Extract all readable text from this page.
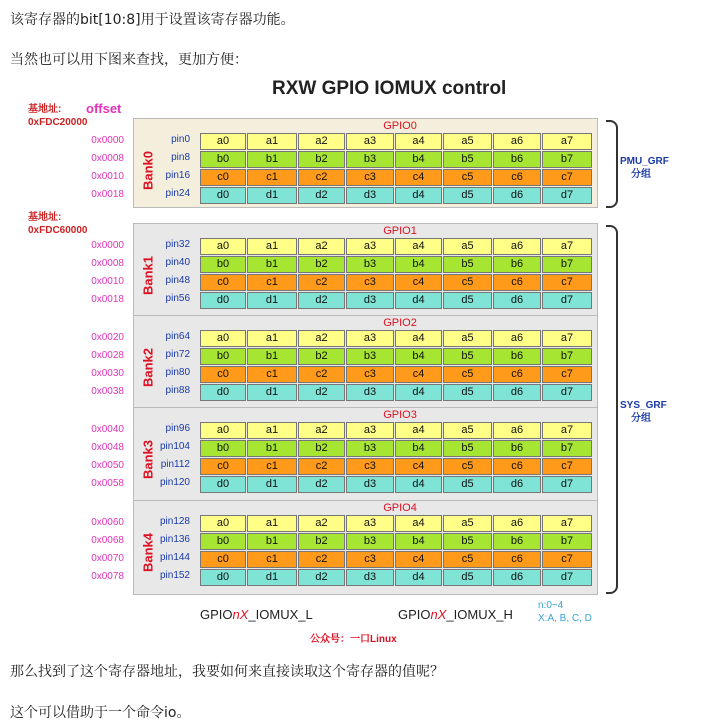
该寄存器的bit[10:8]用于设置该寄存器功能。
当然也可以用下图来查找，更加方便：
RXW GPIO IOMUX control
offset
基地址:
0xFDC20000
基地址:
0xFDC60000
GPIO0
Bank0
0x0000	pin0	a0	a1	a2	a3	a4	a5	a6	a7
0x0008	pin8	b0	b1	b2	b3	b4	b5	b6	b7
0x0010	pin16	c0	c1	c2	c3	c4	c5	c6	c7
0x0018	pin24	d0	d1	d2	d3	d4	d5	d6	d7
GPIO1
Bank1
0x0000	pin32	a0	a1	a2	a3	a4	a5	a6	a7
0x0008	pin40	b0	b1	b2	b3	b4	b5	b6	b7
0x0010	pin48	c0	c1	c2	c3	c4	c5	c6	c7
0x0018	pin56	d0	d1	d2	d3	d4	d5	d6	d7
GPIO2
Bank2
0x0020	pin64	a0	a1	a2	a3	a4	a5	a6	a7
0x0028	pin72	b0	b1	b2	b3	b4	b5	b6	b7
0x0030	pin80	c0	c1	c2	c3	c4	c5	c6	c7
0x0038	pin88	d0	d1	d2	d3	d4	d5	d6	d7
GPIO3
Bank3
0x0040	pin96	a0	a1	a2	a3	a4	a5	a6	a7
0x0048	pin104	b0	b1	b2	b3	b4	b5	b6	b7
0x0050	pin112	c0	c1	c2	c3	c4	c5	c6	c7
0x0058	pin120	d0	d1	d2	d3	d4	d5	d6	d7
GPIO4
Bank4
0x0060	pin128	a0	a1	a2	a3	a4	a5	a6	a7
0x0068	pin136	b0	b1	b2	b3	b4	b5	b6	b7
0x0070	pin144	c0	c1	c2	c3	c4	c5	c6	c7
0x0078	pin152	d0	d1	d2	d3	d4	d5	d6	d7
PMU_GRF
分组
SYS_GRF
分组
GPIOnX_IOMUX_L	GPIOnX_IOMUX_H
n:0~4
X:A, B, C, D
公众号：一口Linux
那么找到了这个寄存器地址，我要如何来直接读取这个寄存器的值呢？
这个可以借助于一个命令io。
